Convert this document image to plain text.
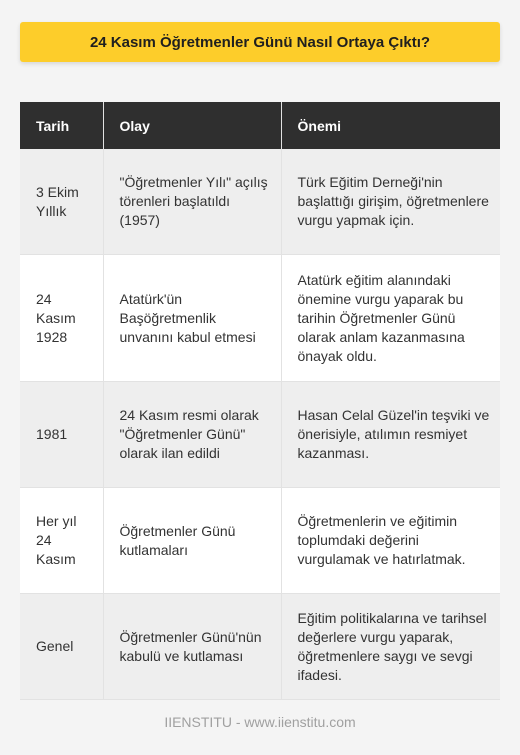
24 Kasım Öğretmenler Günü Nasıl Ortaya Çıktı?
Tarih	Olay	Önemi
3 Ekim Yıllık	"Öğretmenler Yılı" açılış törenleri başlatıldı (1957)	Türk Eğitim Derneği'nin başlattığı girişim, öğretmenlere vurgu yapmak için.
24 Kasım 1928	Atatürk'ün Başöğretmenlik unvanını kabul etmesi	Atatürk eğitim alanındaki önemine vurgu yaparak bu tarihin Öğretmenler Günü olarak anlam kazanmasına önayak oldu.
1981	24 Kasım resmi olarak "Öğretmenler Günü" olarak ilan edildi	Hasan Celal Güzel'in teşviki ve önerisiyle, atılımın resmiyet kazanması.
Her yıl 24 Kasım	Öğretmenler Günü kutlamaları	Öğretmenlerin ve eğitimin toplumdaki değerini vurgulamak ve hatırlatmak.
Genel	Öğretmenler Günü'nün kabulü ve kutlaması	Eğitim politikalarına ve tarihsel değerlere vurgu yaparak, öğretmenlere saygı ve sevgi ifadesi.
IIENSTITU - www.iienstitu.com
